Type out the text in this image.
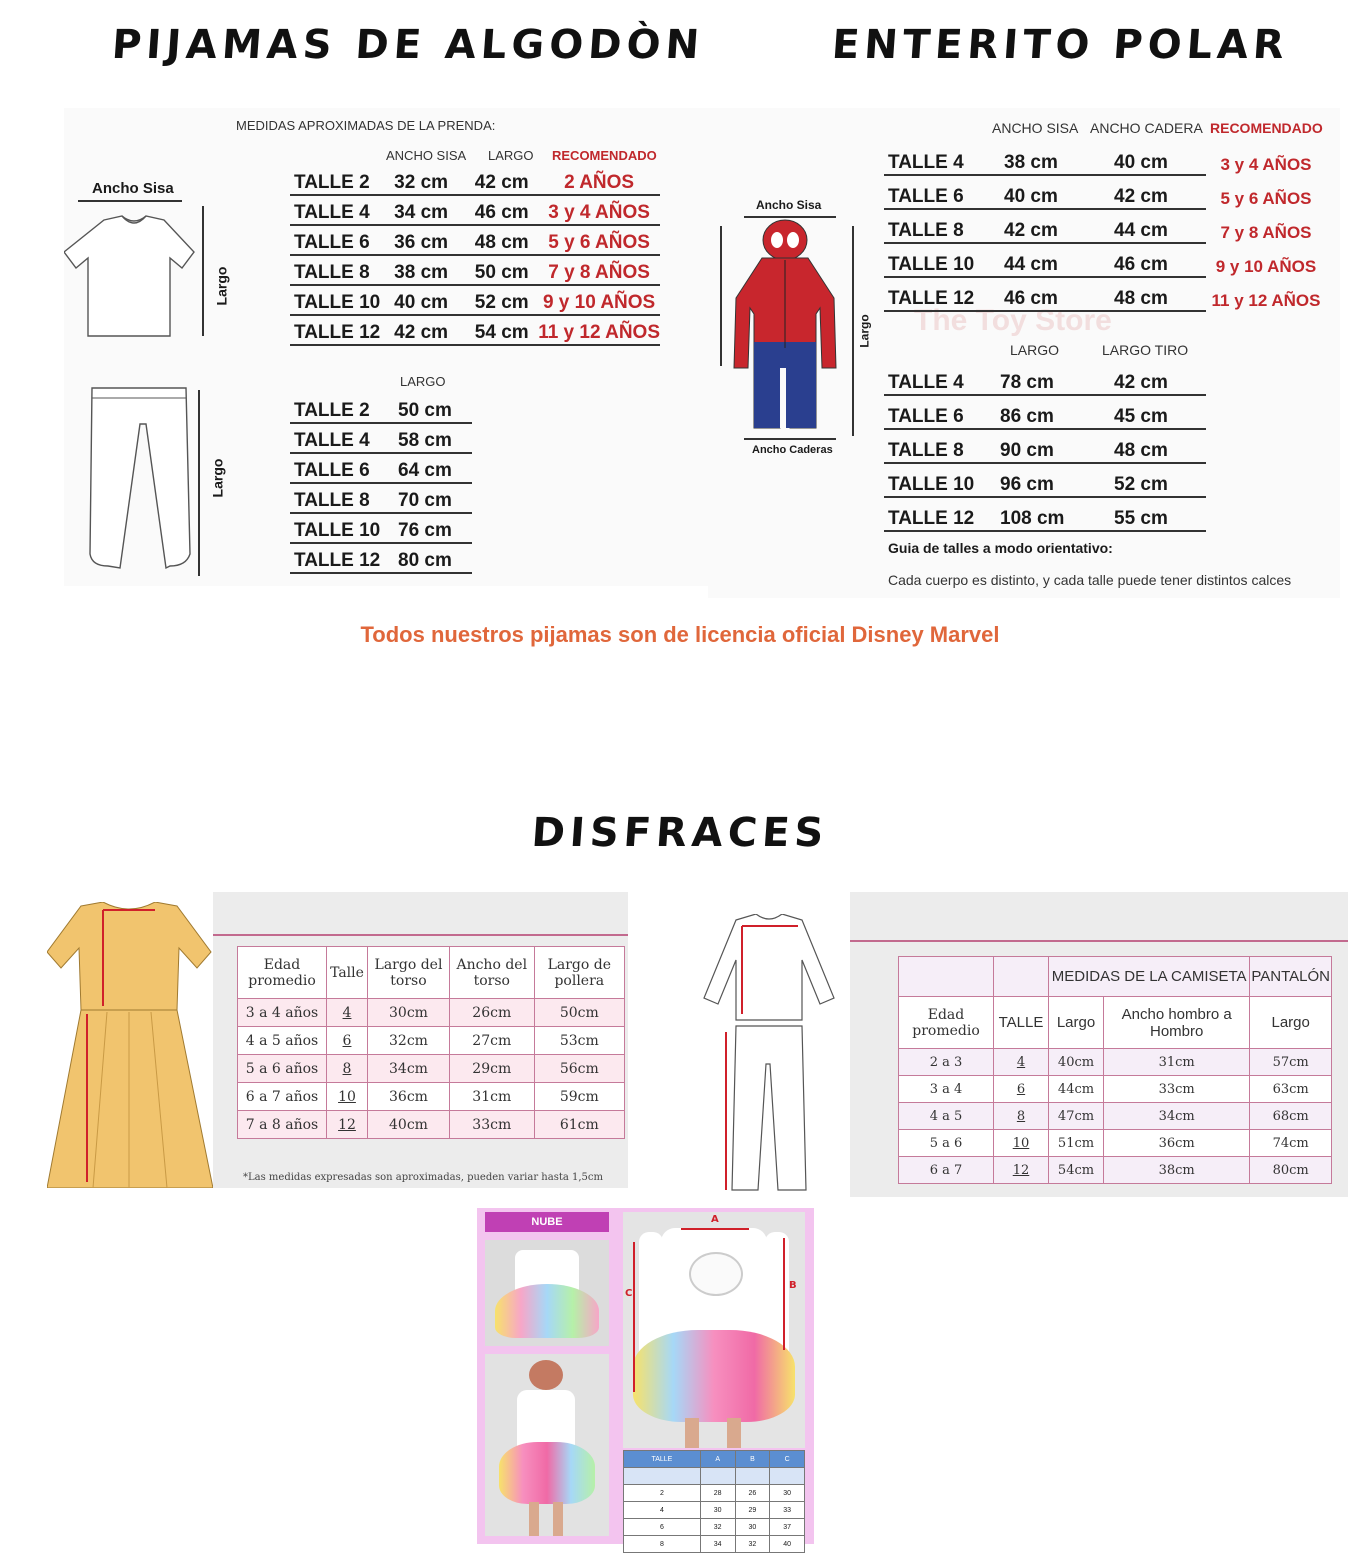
PIJAMAS DE ALGODÒN	ENTERITO POLAR
MEDIDAS APROXIMADAS DE LA PRENDA:
Ancho Sisa
Largo
Largo
ANCHO SISA LARGO RECOMENDADO
TALLE 2	32 cm	42 cm	2 AÑOS
TALLE 4	34 cm	46 cm	3 y 4 AÑOS
TALLE 6	36 cm	48 cm	5 y 6 AÑOS
TALLE 8	38 cm	50 cm	7 y 8 AÑOS
TALLE 10	40 cm	52 cm	9 y 10 AÑOS
TALLE 12	42 cm	54 cm	11 y 12 AÑOS
LARGO
TALLE 2	50 cm
TALLE 4	58 cm
TALLE 6	64 cm
TALLE 8	70 cm
TALLE 10	76 cm
TALLE 12	80 cm
Ancho Sisa
Largo
Ancho Caderas
The Toy Store
ANCHO SISA ANCHO CADERA RECOMENDADO
TALLE 4	38 cm	40 cm	3 y 4 AÑOS
TALLE 6	40 cm	42 cm	5 y 6 AÑOS
TALLE 8	42 cm	44 cm	7 y 8 AÑOS
TALLE 10	44 cm	46 cm	9 y 10 AÑOS
TALLE 12	46 cm	48 cm	11 y 12 AÑOS
LARGO	LARGO TIRO
TALLE 4	78 cm	42 cm
TALLE 6	86 cm	45 cm
TALLE 8	90 cm	48 cm
TALLE 10	96 cm	52 cm
TALLE 12	108 cm	55 cm
Guia de talles a modo orientativo:
Cada cuerpo es distinto, y cada talle puede tener distintos calces
Todos nuestros pijamas son de licencia oficial Disney Marvel
DISFRACES
Edad promedio	Talle	Largo del torso	Ancho del torso	Largo de pollera
3 a 4 años	4	30cm	26cm	50cm
4 a 5 años	6	32cm	27cm	53cm
5 a 6 años	8	34cm	29cm	56cm
6 a 7 años	10	36cm	31cm	59cm
7 a 8 años	12	40cm	33cm	61cm
*Las medidas expresadas son aproximadas, pueden variar hasta 1,5cm
		MEDIDAS DE LA CAMISETA		PANTALÓN
Edad promedio	TALLE	Largo	Ancho hombro a Hombro	Largo
2 a 3	4	40cm	31cm	57cm
3 a 4	6	44cm	33cm	63cm
4 a 5	8	47cm	34cm	68cm
5 a 6	10	51cm	36cm	74cm
6 a 7	12	54cm	38cm	80cm
NUBE	A
B
C
TALLE	A	B	C

2	28	26	30
4	30	29	33
6	32	30	37
8	34	32	40
